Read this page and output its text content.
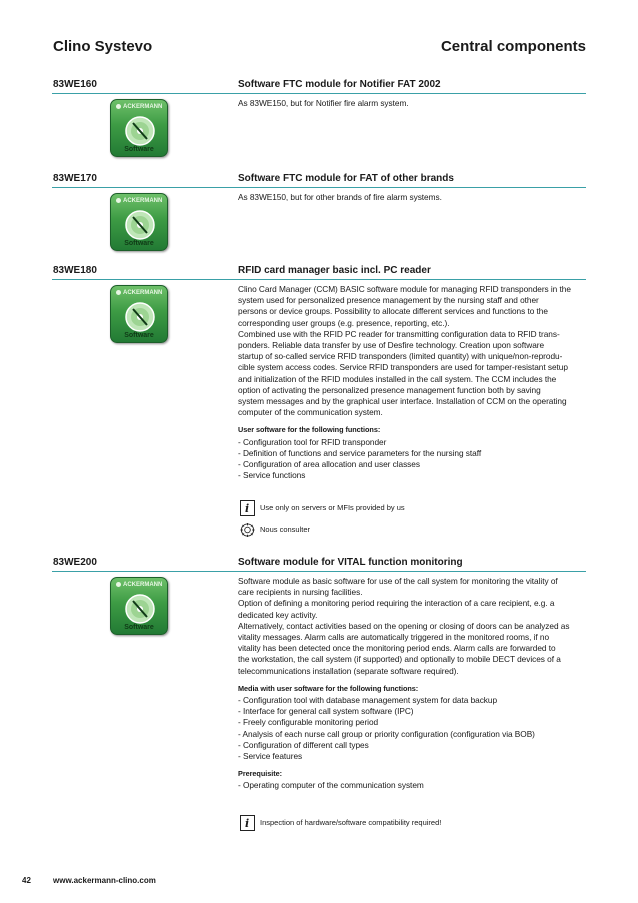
Clino Systevo	Central components
83WE160	Software FTC module for Notifier FAT 2002
ACKERMANN
Software

As 83WE150, but for Notifier fire alarm system.

83WE170	Software FTC module for FAT of other brands
ACKERMANN
Software

As 83WE150, but for other brands of fire alarm systems.

83WE180	RFID card manager basic incl. PC reader
ACKERMANN
Software

Clino Card Manager (CCM) BASIC software module for managing RFID transponders in the

system used for personalized presence management by the nursing staff and other

persons or device groups. Possibility to allocate different services and functions to the

corresponding user groups (e.g. presence, reporting, etc.).

Combined use with the RFID PC reader for transmitting configuration data to RFID trans-

ponders. Reliable data transfer by use of Desfire technology. Creation upon software

startup of so-called service RFID transponders (limited quantity) with unique/non-reprodu-

cible system access codes. Service RFID transponders are used for tamper-resistant setup

and initialization of the RFID modules installed in the call system. The CCM includes the

option of activating the personalized presence management function both by saving

system messages and by the graphical user interface. Installation of CCM on the operating

computer of the communication system.

User software for the following functions:
- Configuration tool for RFID transponder
- Definition of functions and service parameters for the nursing staff
- Configuration of area allocation and user classes
- Service functions
i Use only on servers or MFIs provided by us
Nous consulter
83WE200	Software module for VITAL function monitoring
ACKERMANN
Software

Software module as basic software for use of the call system for monitoring the vitality of

care recipients in nursing facilities.

Option of defining a monitoring period requiring the interaction of a care recipient, e.g. a

dedicated key activity.

Alternatively, contact activities based on the opening or closing of doors can be analyzed as

vitality messages. Alarm calls are automatically triggered in the monitored rooms, if no

vitality has been detected once the monitoring period ends. Alarm calls are forwarded to

the workstation, the call system (if supported) and optionally to mobile DECT devices of a

telecommunications installation (separate software required).

Media with user software for the following functions:
- Configuration tool with database management system for data backup
- Interface for general call system software (IPC)
- Freely configurable monitoring period
- Analysis of each nurse call group or priority configuration (configuration via BOB)
- Configuration of different call types
- Service features
Prerequisite:
- Operating computer of the communication system
i Inspection of hardware/software compatibility required!
42	www.ackermann-clino.com
